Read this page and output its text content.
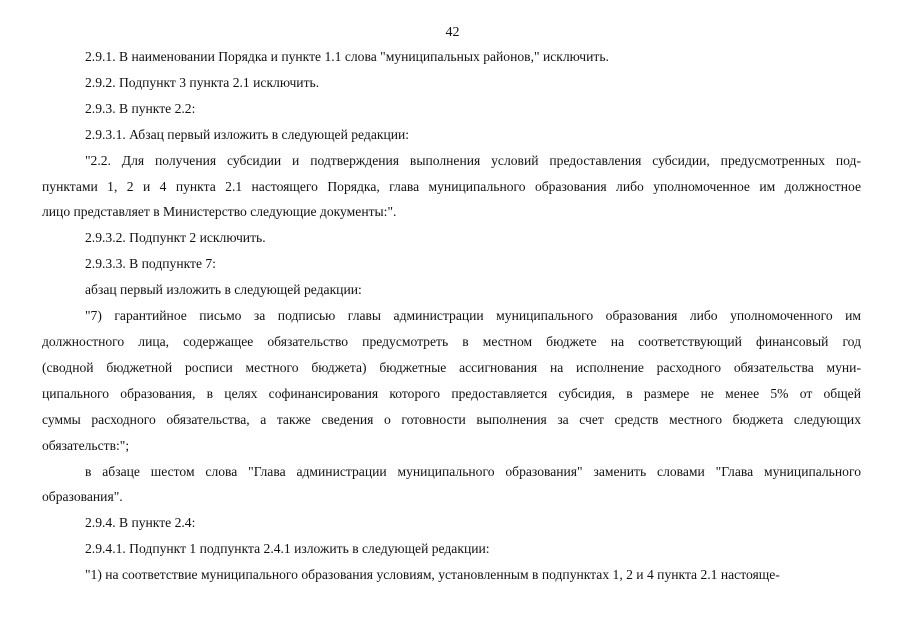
42
2.9.1. В наименовании Порядка и пункте 1.1 слова "муниципальных районов," исключить.
2.9.2. Подпункт 3 пункта 2.1 исключить.
2.9.3. В пункте 2.2:
2.9.3.1. Абзац первый изложить в следующей редакции:
"2.2. Для получения субсидии и подтверждения выполнения условий предоставления субсидии, предусмотренных под-
пунктами 1, 2 и 4 пункта 2.1 настоящего Порядка, глава муниципального образования либо уполномоченное им должностное
лицо представляет в Министерство следующие документы:".
2.9.3.2. Подпункт 2 исключить.
2.9.3.3. В подпункте 7:
абзац первый изложить в следующей редакции:
"7) гарантийное письмо за подписью главы администрации муниципального образования либо уполномоченного им
должностного лица, содержащее обязательство предусмотреть в местном бюджете на соответствующий финансовый год
(сводной бюджетной росписи местного бюджета) бюджетные ассигнования на исполнение расходного обязательства муни-
ципального образования, в целях софинансирования которого предоставляется субсидия, в размере не менее 5% от общей
суммы расходного обязательства, а также сведения о готовности выполнения за счет средств местного бюджета следующих
обязательств:";
в абзаце шестом слова "Глава администрации муниципального образования" заменить словами "Глава муниципального
образования".
2.9.4. В пункте 2.4:
2.9.4.1. Подпункт 1 подпункта 2.4.1 изложить в следующей редакции:
"1) на соответствие муниципального образования условиям, установленным в подпунктах 1, 2 и 4 пункта 2.1 настояще-
